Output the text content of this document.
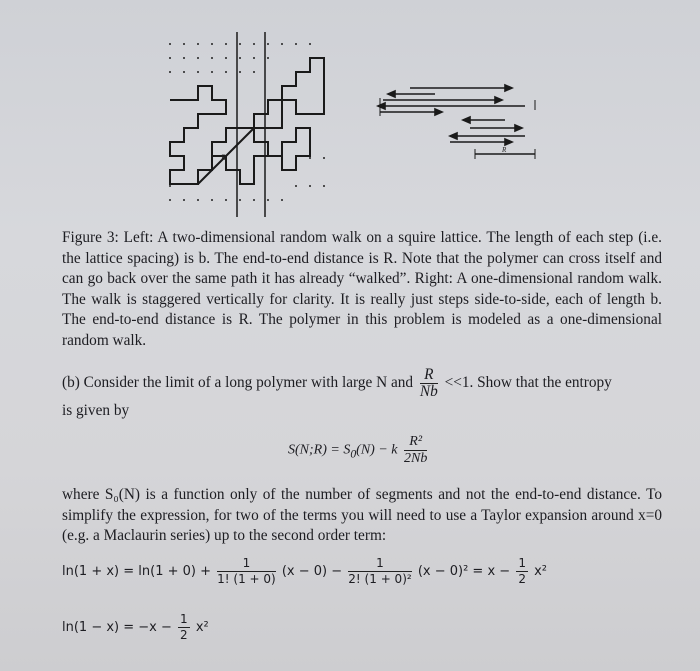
R
R

Figure 3: Left: A two-dimensional random walk on a squire lattice. The length of each step (i.e. the lattice spacing) is b. The end-to-end distance is R. Note that the polymer can cross itself and can go back over the same path it has already “walked”. Right: A one-dimensional random walk. The walk is staggered vertically for clarity. It is really just steps side-to-side, each of length b. The end-to-end distance is R. The polymer in this problem is modeled as a one-dimensional random walk.

(b) Consider the limit of a long polymer with large N and $\frac{R}{Nb} <<1$. Show that the entropy
is given by
S(N;R) = $S_0(N) - k \frac{\text{R²}}{2Nb}$

where S₀(N) is a function only of the number of segments and not the end-to-end distance. To simplify the expression, for two of the terms you will need to use a Taylor expansion around x=0 (e.g. a Maclaurin series) up to the second order term:

$\ln(1 + x) = \ln(1 + 0) + \frac{1}{1! (1 + 0)} (x - 0) - \frac{1}{\text{2! (1 + 0)²}} (x - 0)^2 = x - \frac{1}{2} x^2$
$\ln(1 - x) = -x - \frac{1}{2} x^2$
